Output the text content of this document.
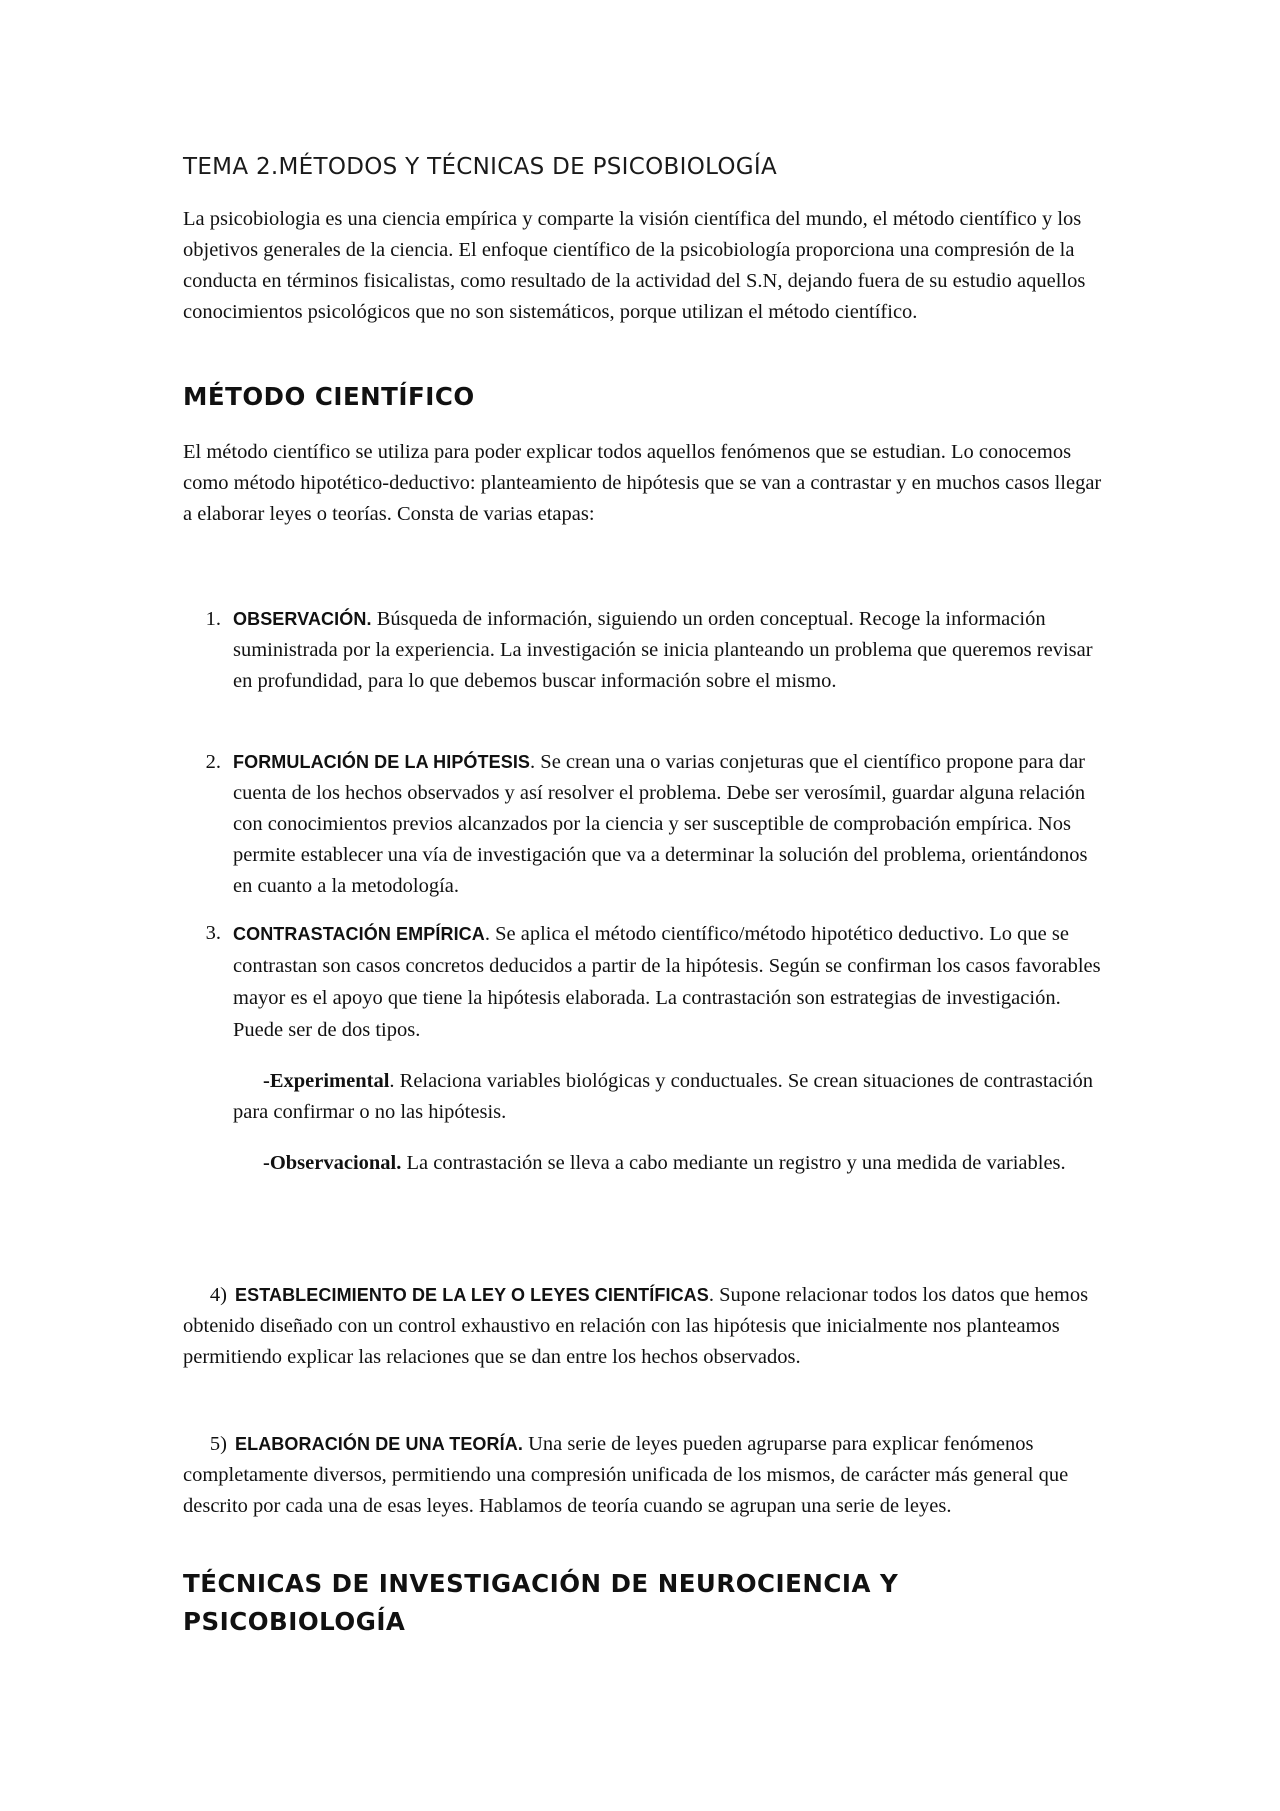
TEMA 2.MÉTODOS Y TÉCNICAS DE PSICOBIOLOGÍA

La psicobiologia es una ciencia empírica y comparte la visión científica del mundo, el método científico y los objetivos generales de la ciencia. El enfoque científico de la psicobiología proporciona una compresión de la conducta en términos fisicalistas, como resultado de la actividad del S.N, dejando fuera de su estudio aquellos conocimientos psicológicos que no son sistemáticos, porque utilizan el método científico.

MÉTODO CIENTÍFICO

El método científico se utiliza para poder explicar todos aquellos fenómenos que se estudian. Lo conocemos como método hipotético-deductivo: planteamiento de hipótesis que se van a contrastar y en muchos casos llegar a elaborar leyes o teorías. Consta de varias etapas:

1. OBSERVACIÓN. Búsqueda de información, siguiendo un orden conceptual. Recoge la información suministrada por la experiencia. La investigación se inicia planteando un problema que queremos revisar en profundidad, para lo que debemos buscar información sobre el mismo.
2. FORMULACIÓN DE LA HIPÓTESIS. Se crean una o varias conjeturas que el científico propone para dar cuenta de los hechos observados y así resolver el problema. Debe ser verosímil, guardar alguna relación con conocimientos previos alcanzados por la ciencia y ser susceptible de comprobación empírica. Nos permite establecer una vía de investigación que va a determinar la solución del problema, orientándonos en cuanto a la metodología.
3. CONTRASTACIÓN EMPÍRICA. Se aplica el método científico/método hipotético deductivo. Lo que se contrastan son casos concretos deducidos a partir de la hipótesis. Según se confirman los casos favorables mayor es el apoyo que tiene la hipótesis elaborada. La contrastación son estrategias de investigación. Puede ser de dos tipos.
-Experimental. Relaciona variables biológicas y conductuales. Se crean situaciones de contrastación para confirmar o no las hipótesis.
-Observacional. La contrastación se lleva a cabo mediante un registro y una medida de variables.
4) ESTABLECIMIENTO DE LA LEY O LEYES CIENTÍFICAS. Supone relacionar todos los datos que hemos obtenido diseñado con un control exhaustivo en relación con las hipótesis que inicialmente nos planteamos permitiendo explicar las relaciones que se dan entre los hechos observados.
5) ELABORACIÓN DE UNA TEORÍA. Una serie de leyes pueden agruparse para explicar fenómenos completamente diversos, permitiendo una compresión unificada de los mismos, de carácter más general que descrito por cada una de esas leyes. Hablamos de teoría cuando se agrupan una serie de leyes.
TÉCNICAS DE INVESTIGACIÓN DE NEUROCIENCIA Y PSICOBIOLOGÍA
